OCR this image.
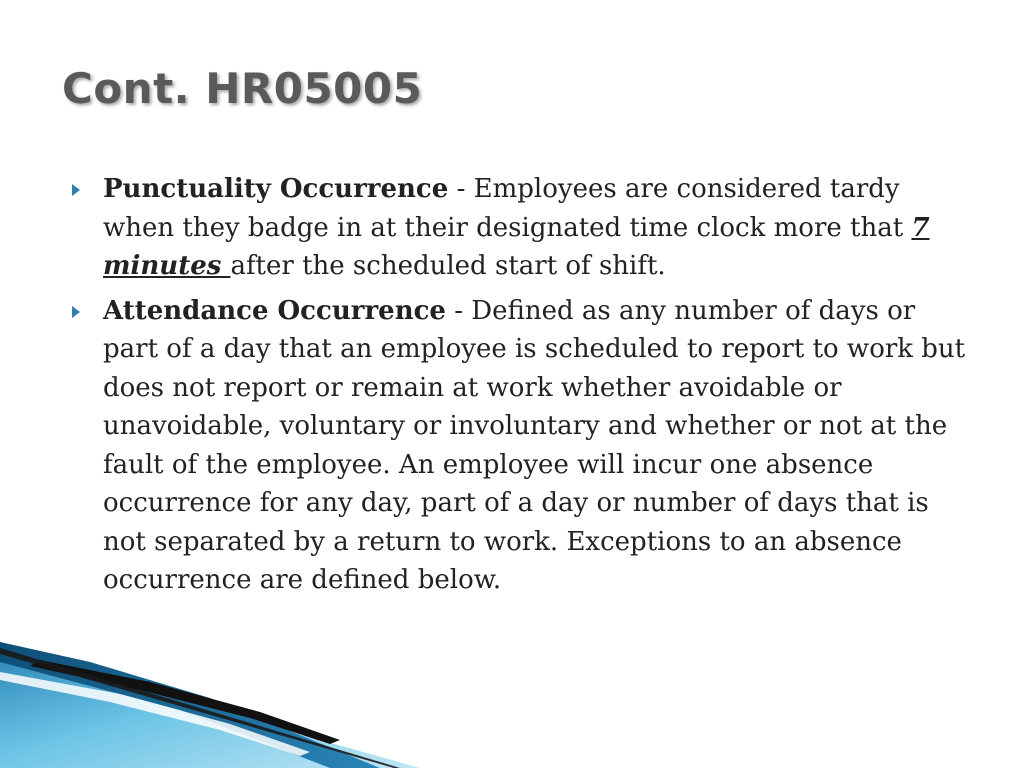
Cont. HR05005
Punctuality Occurrence - Employees are considered tardy when they badge in at their designated time clock more that 7 minutes after the scheduled start of shift.
Attendance Occurrence - Defined as any number of days or part of a day that an employee is scheduled to report to work but does not report or remain at work whether avoidable or unavoidable, voluntary or involuntary and whether or not at the fault of the employee. An employee will incur one absence occurrence for any day, part of a day or number of days that is not separated by a return to work. Exceptions to an absence occurrence are defined below.
